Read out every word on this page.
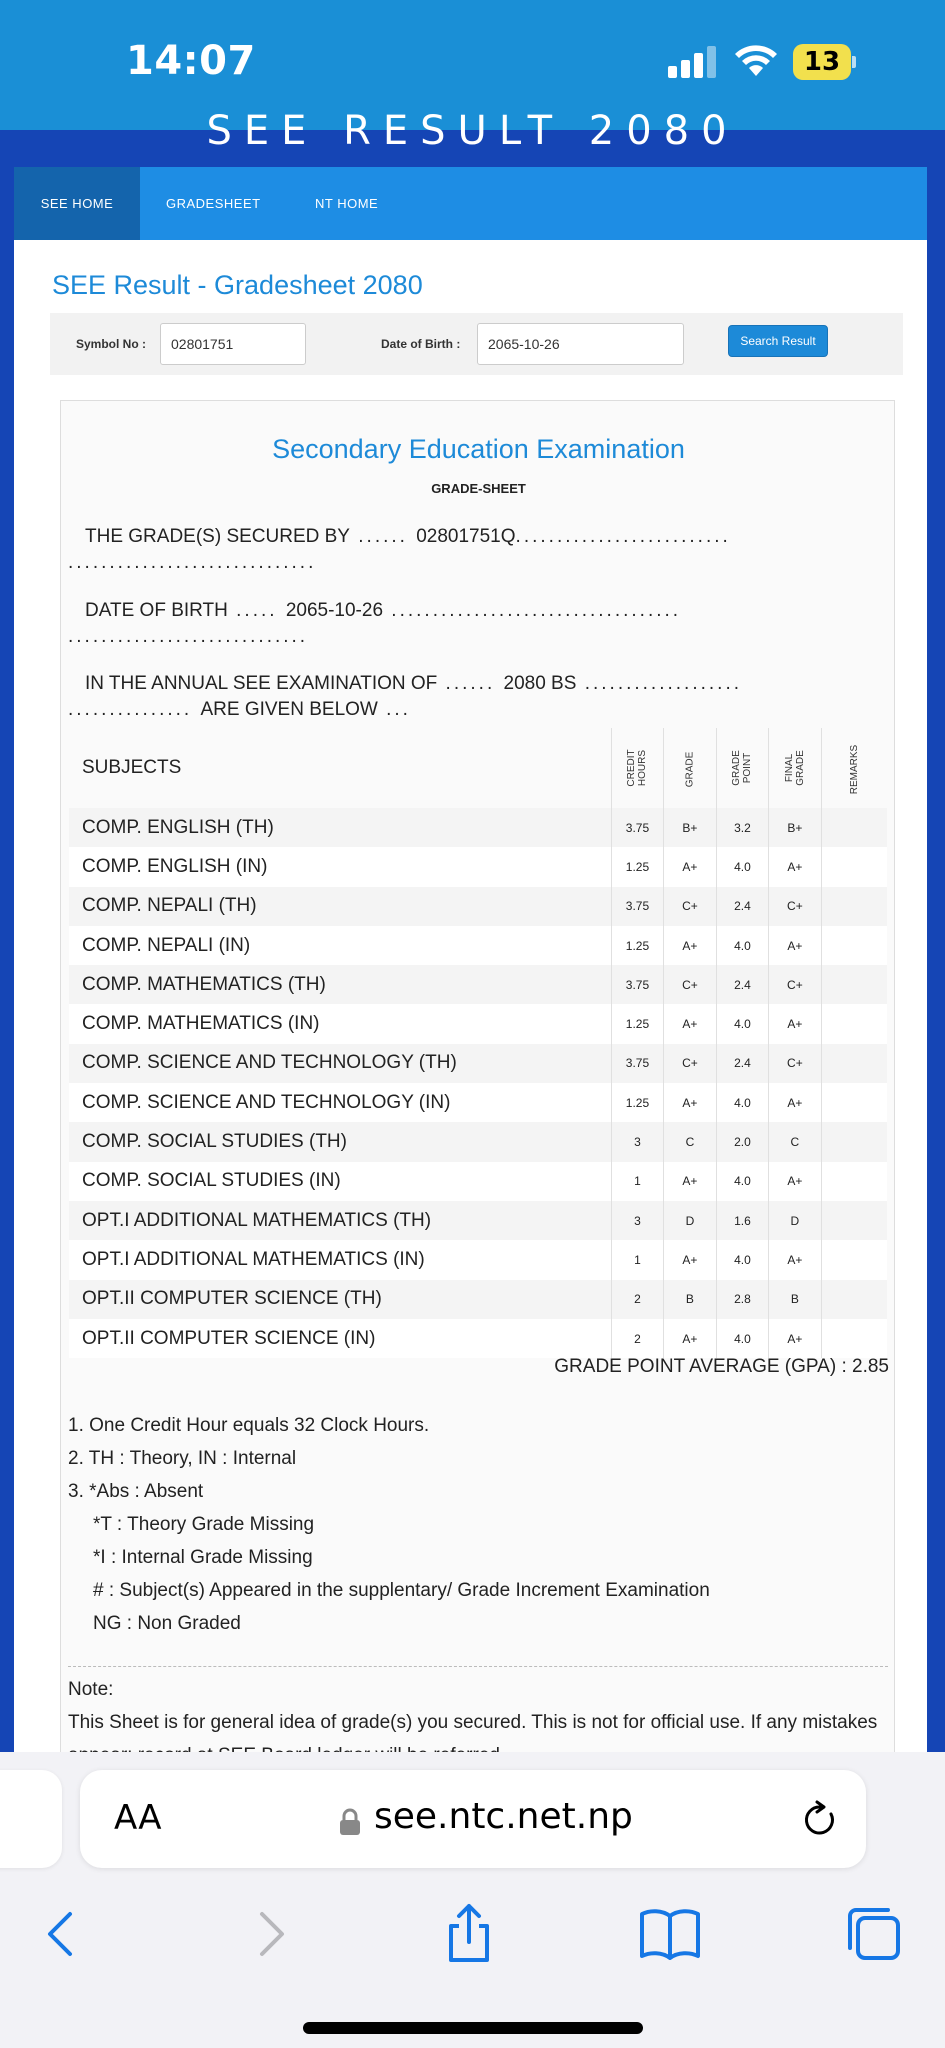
14:07	13
SEE RESULT 2080
SEE HOME	GRADESHEET	NT HOME
SEE Result - Gradesheet 2080
Symbol No :	02801751	Date of Birth :	2065-10-26	Search Result
Secondary Education Examination
GRADE-SHEET
THE GRADE(S) SECURED BY ...... 02801751Q..........................
..............................
DATE OF BIRTH ..... 2065-10-26 ...................................
.............................
IN THE ANNUAL SEE EXAMINATION OF ...... 2080 BS ...................
............... ARE GIVEN BELOW ...
SUBJECTS	CREDIT HOURS	GRADE	GRADE POINT	FINAL GRADE	REMARKS
COMP. ENGLISH (TH)	3.75	B+	3.2	B+	
COMP. ENGLISH (IN)	1.25	A+	4.0	A+	
COMP. NEPALI (TH)	3.75	C+	2.4	C+	
COMP. NEPALI (IN)	1.25	A+	4.0	A+	
COMP. MATHEMATICS (TH)	3.75	C+	2.4	C+	
COMP. MATHEMATICS (IN)	1.25	A+	4.0	A+	
COMP. SCIENCE AND TECHNOLOGY (TH)	3.75	C+	2.4	C+	
COMP. SCIENCE AND TECHNOLOGY (IN)	1.25	A+	4.0	A+	
COMP. SOCIAL STUDIES (TH)	3	C	2.0	C	
COMP. SOCIAL STUDIES (IN)	1	A+	4.0	A+	
OPT.I ADDITIONAL MATHEMATICS (TH)	3	D	1.6	D	
OPT.I ADDITIONAL MATHEMATICS (IN)	1	A+	4.0	A+	
OPT.II COMPUTER SCIENCE (TH)	2	B	2.8	B	
OPT.II COMPUTER SCIENCE (IN)	2	A+	4.0	A+	
GRADE POINT AVERAGE (GPA) : 2.85
1. One Credit Hour equals 32 Clock Hours.
2. TH : Theory, IN : Internal
3. *Abs : Absent
*T : Theory Grade Missing
*I : Internal Grade Missing
# : Subject(s) Appeared in the supplentary/ Grade Increment Examination
NG : Non Graded
Note:
This Sheet is for general idea of grade(s) you secured. This is not for official use. If any mistakes
AA	see.ntc.net.np
